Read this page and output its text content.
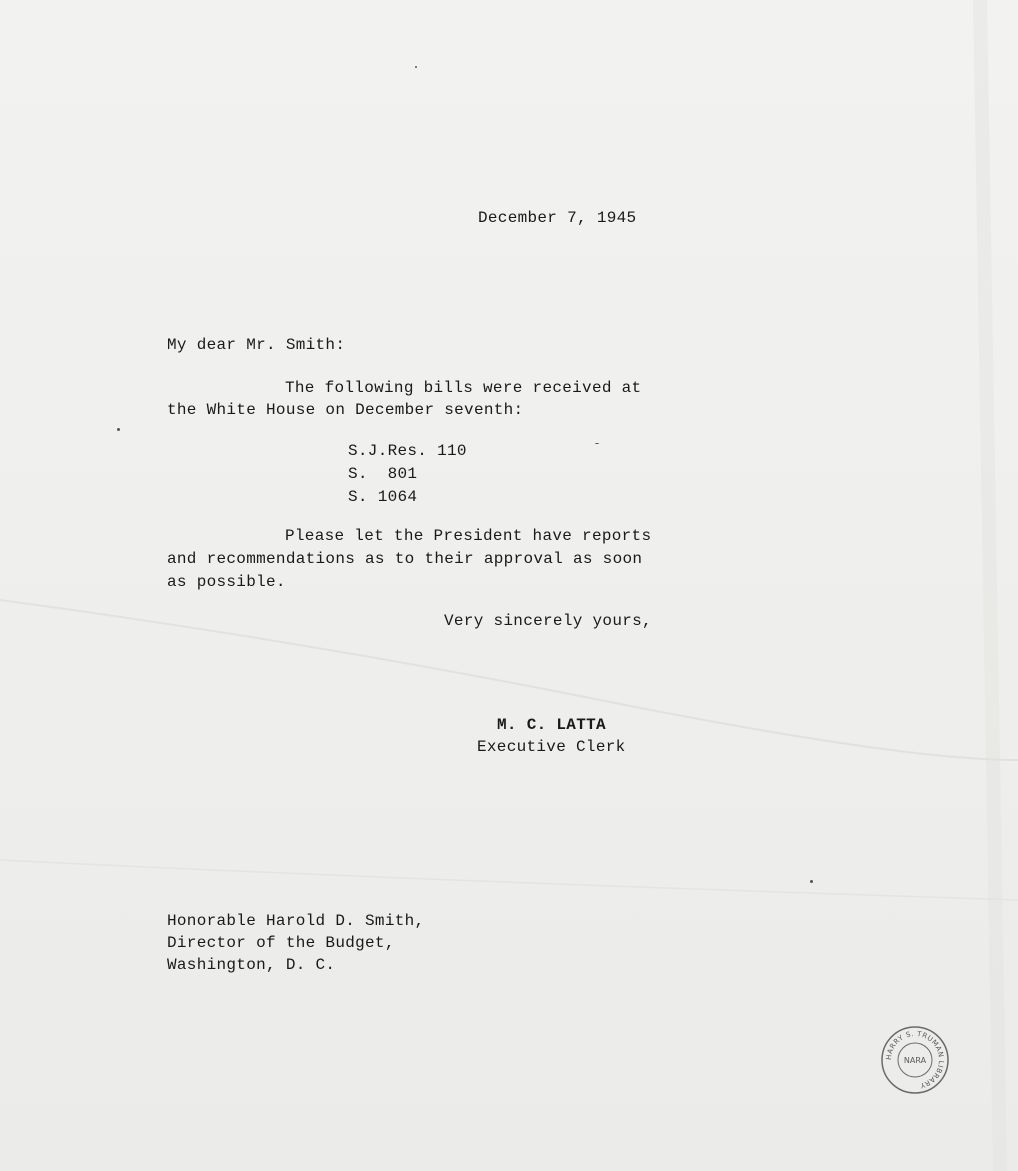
December 7, 1945
My dear Mr. Smith:
The following bills were received at
the White House on December seventh:
S.J.Res. 110
S.  801
S. 1064
Please let the President have reports
and recommendations as to their approval as soon
as possible.
Very sincerely yours,
M. C. LATTA
Executive Clerk
Honorable Harold D. Smith,
Director of the Budget,
Washington, D. C.
HARRY S. TRUMAN LIBRARY
NARA
